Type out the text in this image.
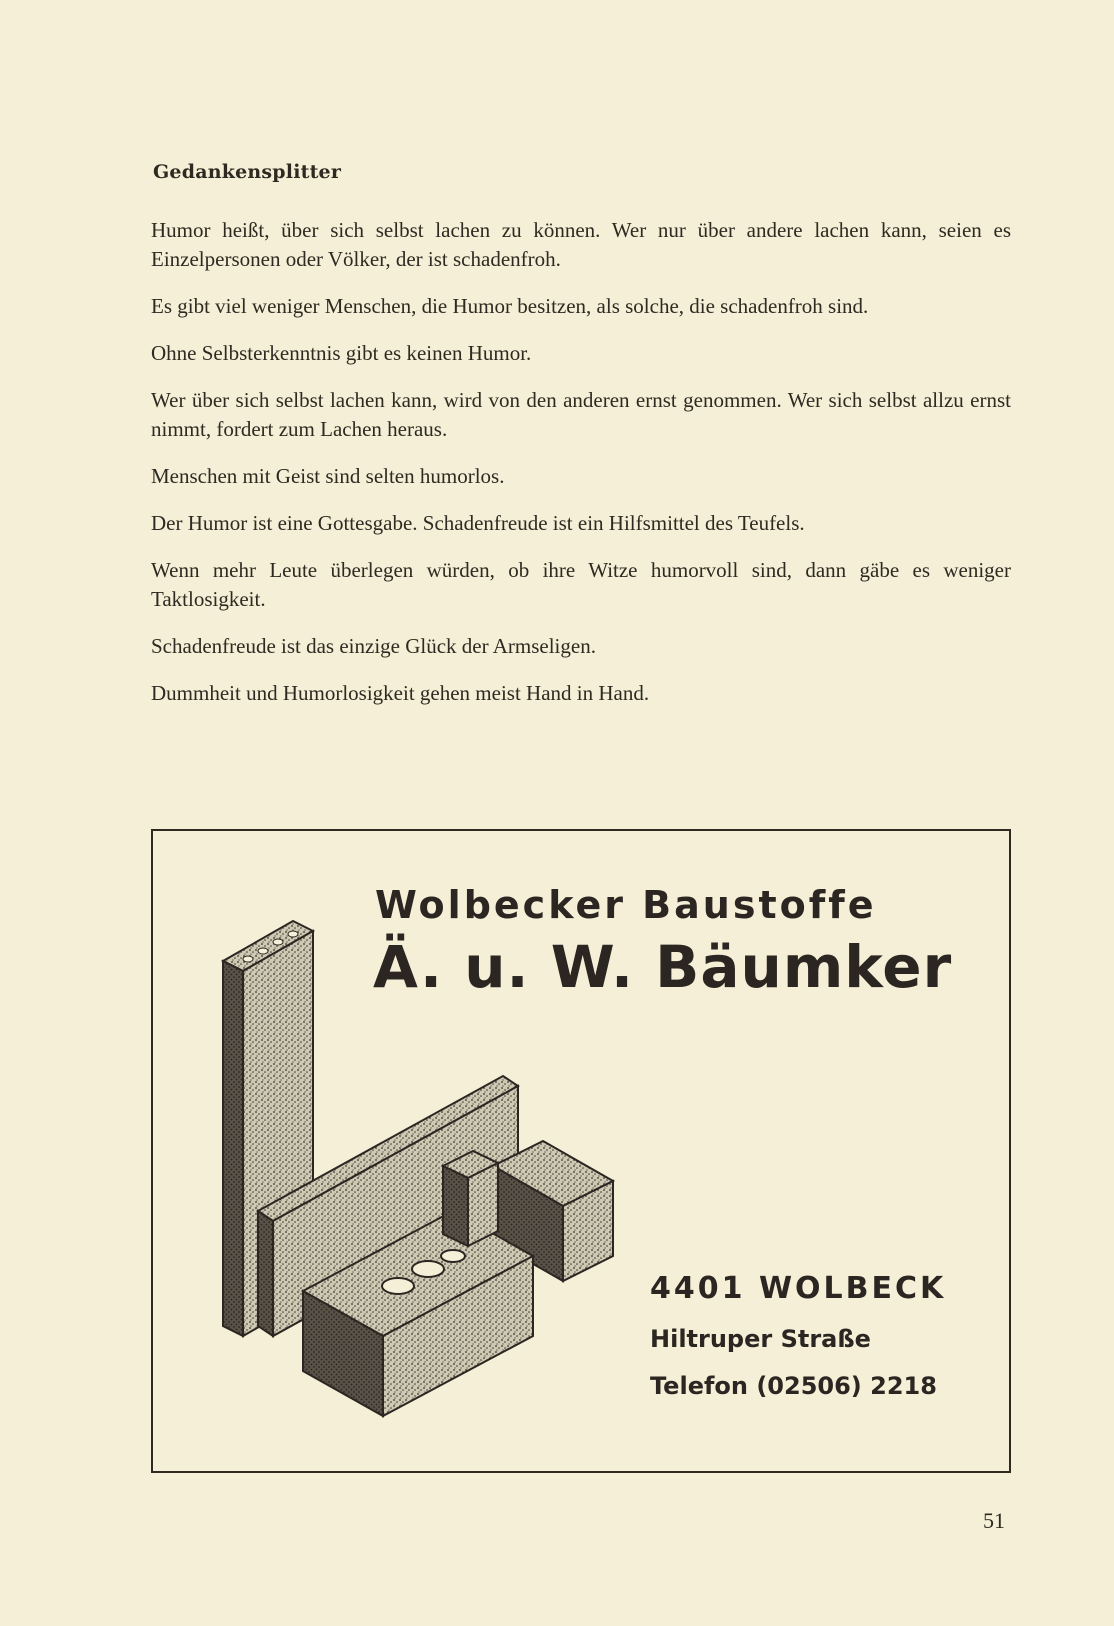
Gedankensplitter
Humor heißt, über sich selbst lachen zu können. Wer nur über andere lachen kann, seien es Einzelpersonen oder Völker, der ist schadenfroh.
Es gibt viel weniger Menschen, die Humor besitzen, als solche, die schadenfroh sind.
Ohne Selbsterkenntnis gibt es keinen Humor.
Wer über sich selbst lachen kann, wird von den anderen ernst genommen. Wer sich selbst allzu ernst nimmt, fordert zum Lachen heraus.
Menschen mit Geist sind selten humorlos.
Der Humor ist eine Gottesgabe. Schadenfreude ist ein Hilfsmittel des Teufels.
Wenn mehr Leute überlegen würden, ob ihre Witze humorvoll sind, dann gäbe es weniger Taktlosigkeit.
Schadenfreude ist das einzige Glück der Armseligen.
Dummheit und Humorlosigkeit gehen meist Hand in Hand.
Wolbecker Baustoffe
Ä. u. W. Bäumker
4401 WOLBECK
Hiltruper Straße
Telefon (02506) 2218
51
